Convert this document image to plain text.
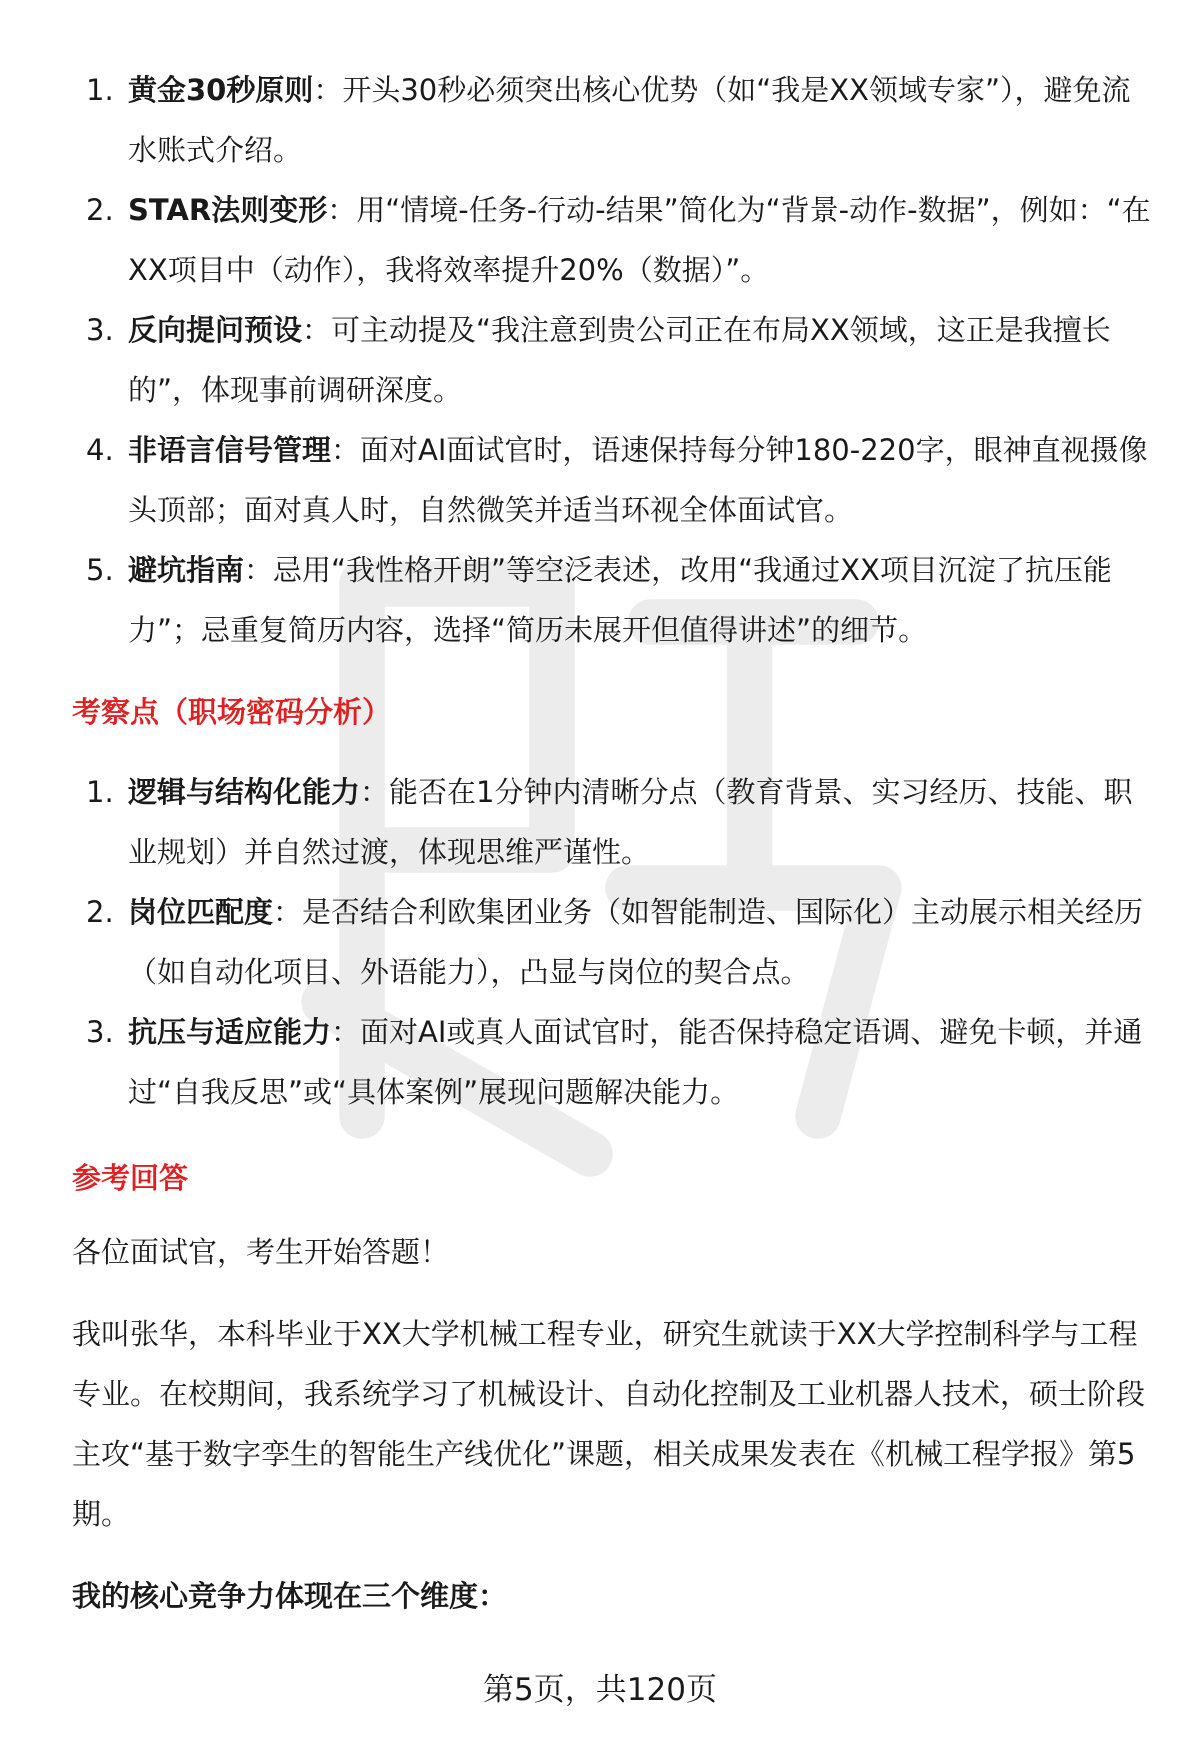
1. 黄金30秒原则：开头30秒必须突出核心优势（如“我是XX领域专家”），避免流水账式介绍。
2. STAR法则变形：用“情境-任务-行动-结果”简化为“背景-动作-数据”，例如：“在XX项目中（动作），我将效率提升20%（数据）”。
3. 反向提问预设：可主动提及“我注意到贵公司正在布局XX领域，这正是我擅长的”，体现事前调研深度。
4. 非语言信号管理：面对AI面试官时，语速保持每分钟180-220字，眼神直视摄像头顶部；面对真人时，自然微笑并适当环视全体面试官。
5. 避坑指南：忌用“我性格开朗”等空泛表述，改用“我通过XX项目沉淀了抗压能力”；忌重复简历内容，选择“简历未展开但值得讲述”的细节。
考察点（职场密码分析）
1. 逻辑与结构化能力：能否在1分钟内清晰分点（教育背景、实习经历、技能、职业规划）并自然过渡，体现思维严谨性。
2. 岗位匹配度：是否结合利欧集团业务（如智能制造、国际化）主动展示相关经历（如自动化项目、外语能力），凸显与岗位的契合点。
3. 抗压与适应能力：面对AI或真人面试官时，能否保持稳定语调、避免卡顿，并通过“自我反思”或“具体案例”展现问题解决能力。
参考回答

各位面试官，考生开始答题！

我叫张华，本科毕业于XX大学机械工程专业，研究生就读于XX大学控制科学与工程专业。在校期间，我系统学习了机械设计、自动化控制及工业机器人技术，硕士阶段主攻“基于数字孪生的智能生产线优化”课题，相关成果发表在《机械工程学报》第5期。

我的核心竞争力体现在三个维度：

第5页，共120页
